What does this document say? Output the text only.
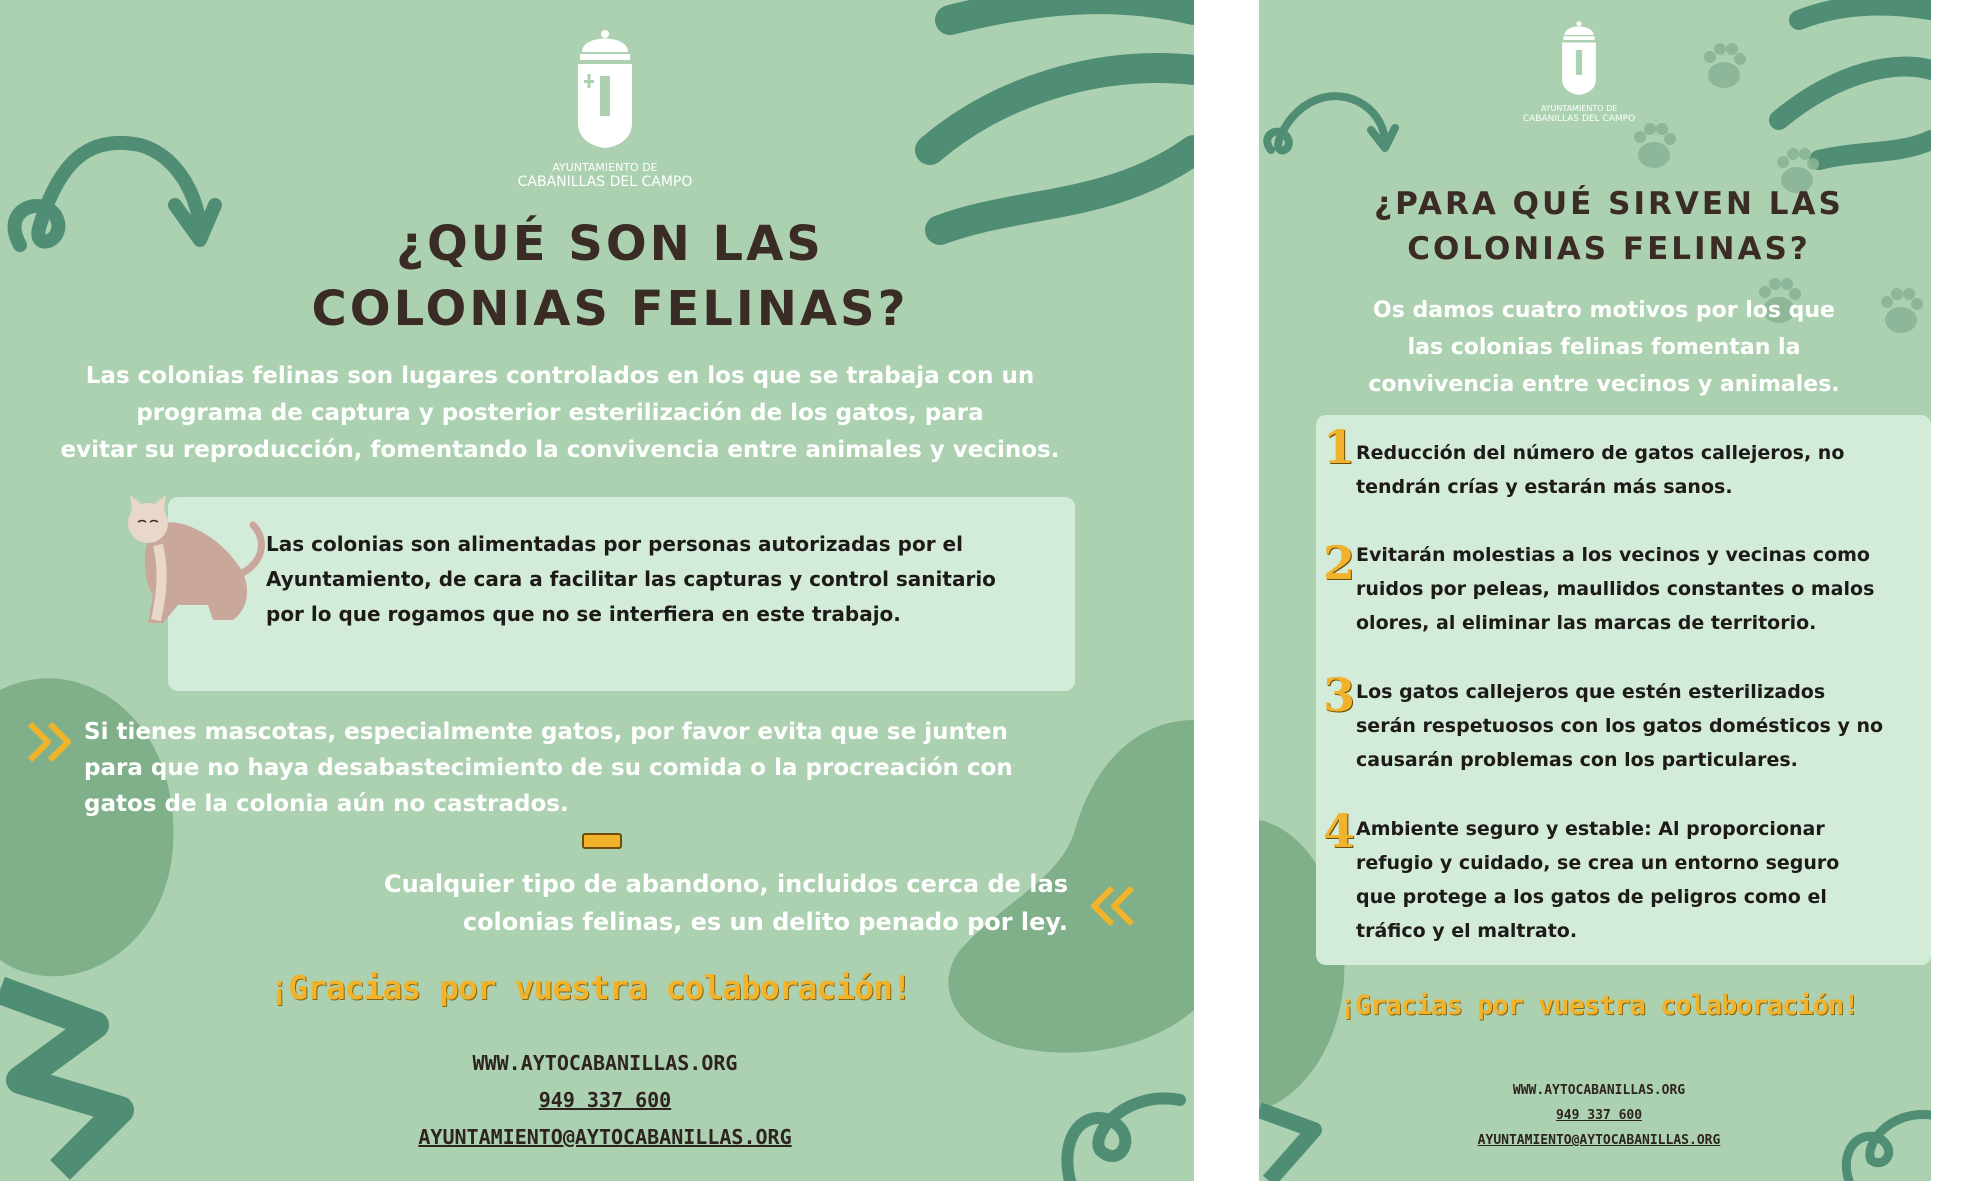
AYUNTAMIENTO DE
CABANILLAS DEL CAMPO
¿QUÉ SON LAS
COLONIAS FELINAS?
Las colonias felinas son lugares controlados en los que se trabaja con un
programa de captura y posterior esterilización de los gatos, para
evitar su reproducción, fomentando la convivencia entre animales y vecinos.
Las colonias son alimentadas por personas autorizadas por el
Ayuntamiento, de cara a facilitar las capturas y control sanitario
por lo que rogamos que no se interfiera en este trabajo.
Si tienes mascotas, especialmente gatos, por favor evita que se junten
para que no haya desabastecimiento de su comida o la procreación con
gatos de la colonia aún no castrados.
Cualquier tipo de abandono, incluidos cerca de las
colonias felinas, es un delito penado por ley.
¡Gracias por vuestra colaboración!
WWW.AYTOCABANILLAS.ORG
949 337 600
AYUNTAMIENTO@AYTOCABANILLAS.ORG
AYUNTAMIENTO DE
CABANILLAS DEL CAMPO
¿PARA QUÉ SIRVEN LAS
COLONIAS FELINAS?
Os damos cuatro motivos por los que
las colonias felinas fomentan la
convivencia entre vecinos y animales.
1 Reducción del número de gatos callejeros, no
tendrán crías y estarán más sanos.
2 Evitarán molestias a los vecinos y vecinas como
ruidos por peleas, maullidos constantes o malos
olores, al eliminar las marcas de territorio.
3 Los gatos callejeros que estén esterilizados
serán respetuosos con los gatos domésticos y no
causarán problemas con los particulares.
4 Ambiente seguro y estable: Al proporcionar
refugio y cuidado, se crea un entorno seguro
que protege a los gatos de peligros como el
tráfico y el maltrato.
¡Gracias por vuestra colaboración!
WWW.AYTOCABANILLAS.ORG
949 337 600
AYUNTAMIENTO@AYTOCABANILLAS.ORG
